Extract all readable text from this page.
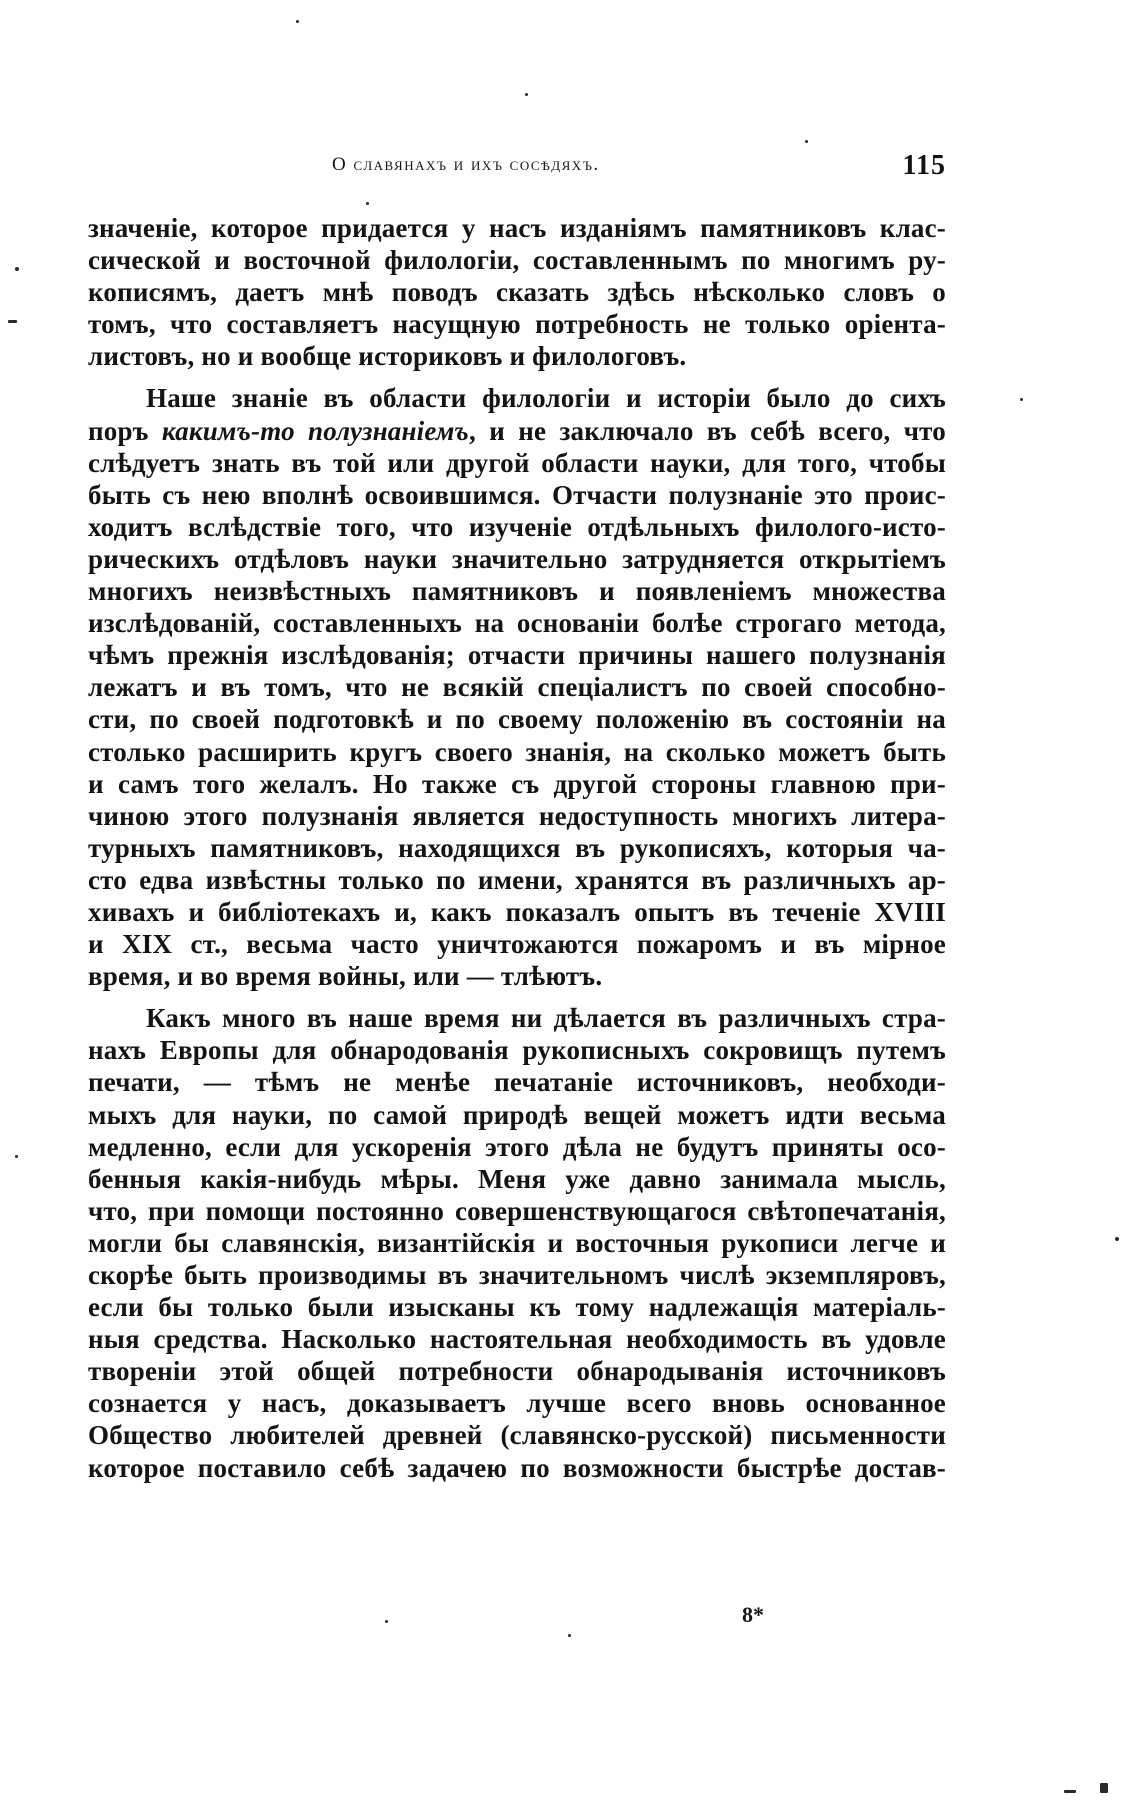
О славянахъ и ихъ сосѣдяхъ.	115
значеніе, которое придается у насъ изданіямъ памятниковъ клас-
сической и восточной филологіи, составленнымъ по многимъ ру-
кописямъ, даетъ мнѣ поводъ сказать здѣсь нѣсколько словъ о
томъ, что составляетъ насущную потребность не только оріента-
листовъ, но и вообще историковъ и филологовъ.
Наше знаніе въ области филологіи и исторіи было до сихъ
поръ какимъ-то полузнаніемъ, и не заключало въ себѣ всего, что
слѣдуетъ знать въ той или другой области науки, для того, чтобы
быть съ нею вполнѣ освоившимся. Отчасти полузнаніе это проис-
ходитъ вслѣдствіе того, что изученіе отдѣльныхъ филолого-исто-
рическихъ отдѣловъ науки значительно затрудняется открытіемъ
многихъ неизвѣстныхъ памятниковъ и появленіемъ множества
изслѣдованій, составленныхъ на основаніи болѣе строгаго метода,
чѣмъ прежнія изслѣдованія; отчасти причины нашего полузнанія
лежатъ и въ томъ, что не всякій спеціалистъ по своей способно-
сти, по своей подготовкѣ и по своему положенію въ состояніи на
столько расширить кругъ своего знанія, на сколько можетъ быть
и самъ того желалъ. Но также съ другой стороны главною при-
чиною этого полузнанія является недоступность многихъ литера-
турныхъ памятниковъ, находящихся въ рукописяхъ, которыя ча-
сто едва извѣстны только по имени, хранятся въ различныхъ ар-
хивахъ и библіотекахъ и, какъ показалъ опытъ въ теченіе XVIII
и XIX ст., весьма часто уничтожаются пожаромъ и въ мірное
время, и во время войны, или — тлѣютъ.
Какъ много въ наше время ни дѣлается въ различныхъ стра-
нахъ Европы для обнародованія рукописныхъ сокровищъ путемъ
печати, — тѣмъ не менѣе печатаніе источниковъ, необходи-
мыхъ для науки, по самой природѣ вещей можетъ идти весьма
медленно, если для ускоренія этого дѣла не будутъ приняты осо-
бенныя какія-нибудь мѣры. Меня уже давно занимала мысль,
что, при помощи постоянно совершенствующагося свѣтопечатанія,
могли бы славянскія, византійскія и восточныя рукописи легче и
скорѣе быть производимы въ значительномъ числѣ экземпляровъ,
если бы только были изысканы къ тому надлежащія матеріаль-
ныя средства. Насколько настоятельная необходимость въ удовле
твореніи этой общей потребности обнародыванія источниковъ
сознается у насъ, доказываетъ лучше всего вновь основанное
Общество любителей древней (славянско-русской) письменности
которое поставило себѣ задачею по возможности быстрѣе достав-
8*
